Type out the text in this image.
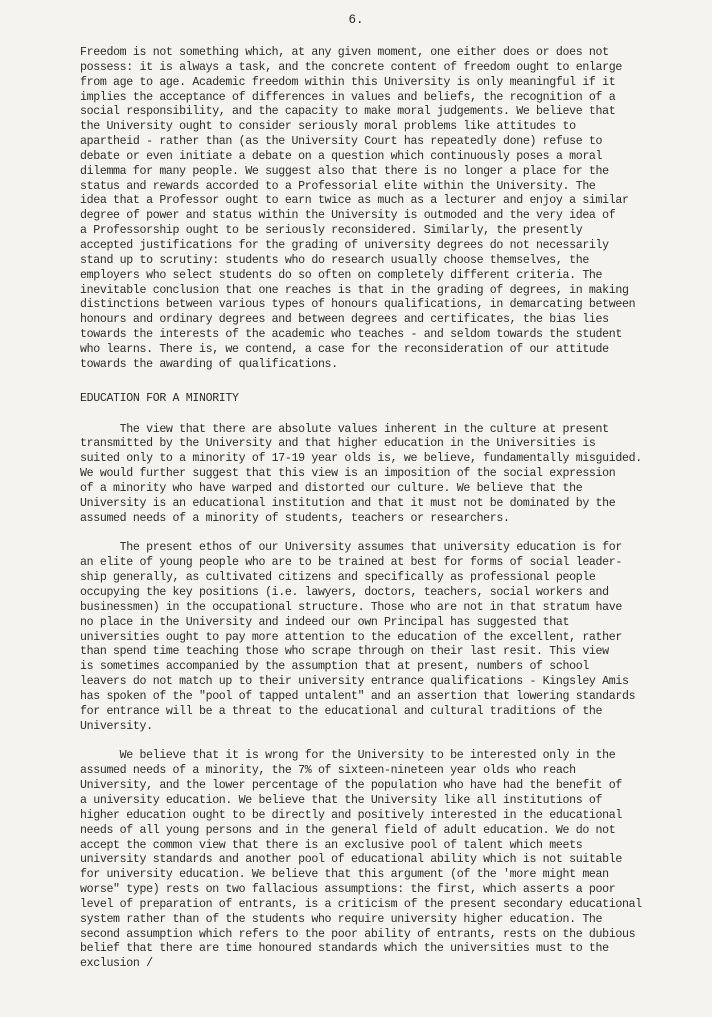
6.
Freedom is not something which, at any given moment, one either does or does not
possess: it is always a task, and the concrete content of freedom ought to enlarge
from age to age. Academic freedom within this University is only meaningful if it
implies the acceptance of differences in values and beliefs, the recognition of a
social responsibility, and the capacity to make moral judgements. We believe that
the University ought to consider seriously moral problems like attitudes to
apartheid - rather than (as the University Court has repeatedly done) refuse to
debate or even initiate a debate on a question which continuously poses a moral
dilemma for many people. We suggest also that there is no longer a place for the
status and rewards accorded to a Professorial elite within the University. The
idea that a Professor ought to earn twice as much as a lecturer and enjoy a similar
degree of power and status within the University is outmoded and the very idea of
a Professorship ought to be seriously reconsidered. Similarly, the presently
accepted justifications for the grading of university degrees do not necessarily
stand up to scrutiny: students who do research usually choose themselves, the
employers who select students do so often on completely different criteria. The
inevitable conclusion that one reaches is that in the grading of degrees, in making
distinctions between various types of honours qualifications, in demarcating between
honours and ordinary degrees and between degrees and certificates, the bias lies
towards the interests of the academic who teaches - and seldom towards the student
who learns. There is, we contend, a case for the reconsideration of our attitude
towards the awarding of qualifications.
EDUCATION FOR A MINORITY
The view that there are absolute values inherent in the culture at present
transmitted by the University and that higher education in the Universities is
suited only to a minority of 17-19 year olds is, we believe, fundamentally misguided.
We would further suggest that this view is an imposition of the social expression
of a minority who have warped and distorted our culture. We believe that the
University is an educational institution and that it must not be dominated by the
assumed needs of a minority of students, teachers or researchers.
The present ethos of our University assumes that university education is for
an elite of young people who are to be trained at best for forms of social leader-
ship generally, as cultivated citizens and specifically as professional people
occupying the key positions (i.e. lawyers, doctors, teachers, social workers and
businessmen) in the occupational structure. Those who are not in that stratum have
no place in the University and indeed our own Principal has suggested that
universities ought to pay more attention to the education of the excellent, rather
than spend time teaching those who scrape through on their last resit. This view
is sometimes accompanied by the assumption that at present, numbers of school
leavers do not match up to their university entrance qualifications - Kingsley Amis
has spoken of the "pool of tapped untalent" and an assertion that lowering standards
for entrance will be a threat to the educational and cultural traditions of the
University.
We believe that it is wrong for the University to be interested only in the
assumed needs of a minority, the 7% of sixteen-nineteen year olds who reach
University, and the lower percentage of the population who have had the benefit of
a university education. We believe that the University like all institutions of
higher education ought to be directly and positively interested in the educational
needs of all young persons and in the general field of adult education. We do not
accept the common view that there is an exclusive pool of talent which meets
university standards and another pool of educational ability which is not suitable
for university education. We believe that this argument (of the 'more might mean
worse" type) rests on two fallacious assumptions: the first, which asserts a poor
level of preparation of entrants, is a criticism of the present secondary educational
system rather than of the students who require university higher education. The
second assumption which refers to the poor ability of entrants, rests on the dubious
belief that there are time honoured standards which the universities must to the
exclusion /
